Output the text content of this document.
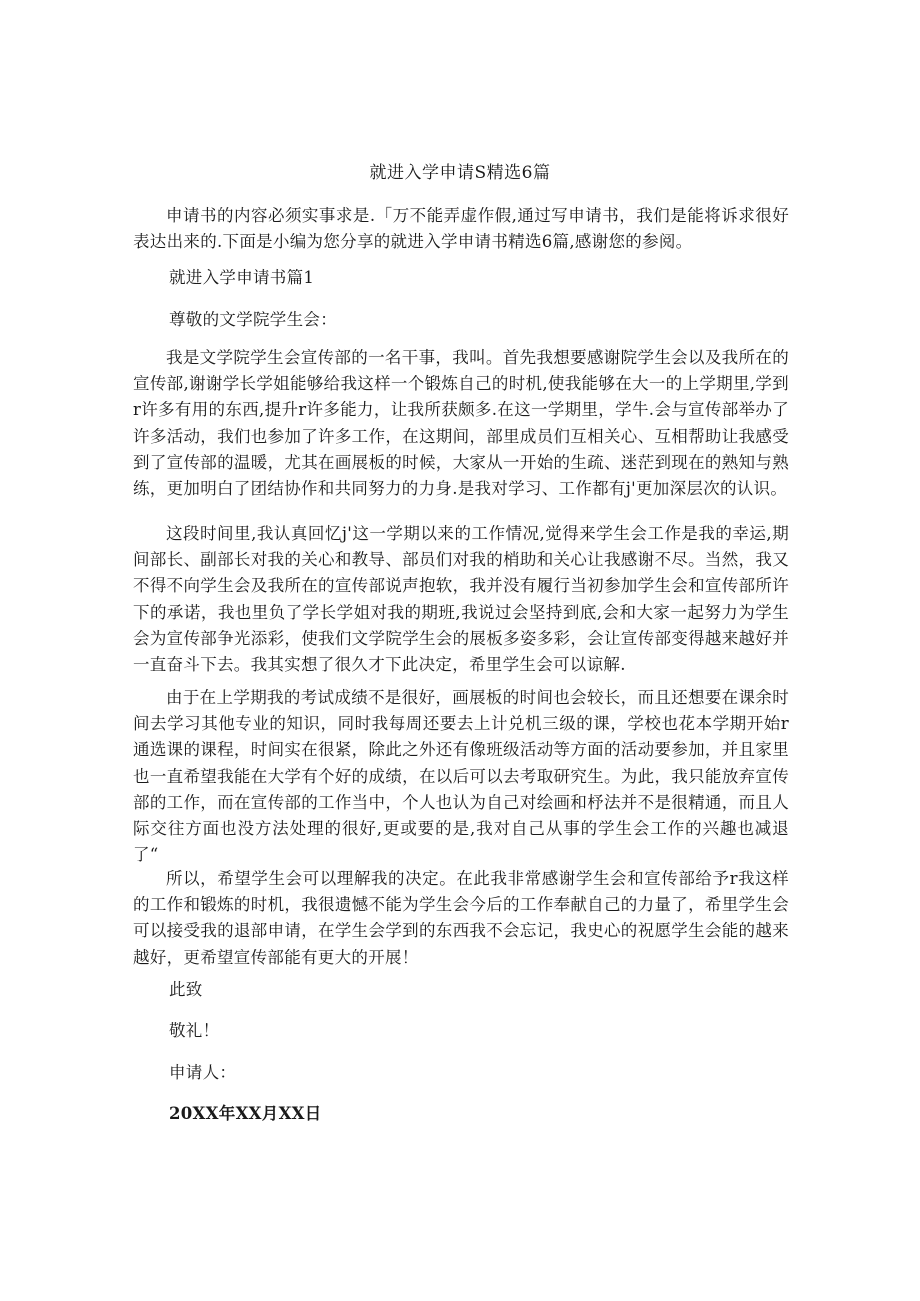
就进入学申请S精选6篇

申请书的内容必须实事求是.「万不能弄虚作假,通过写申请书，我们是能将诉求很好表达出来的.下面是小编为您分享的就进入学申请书精选6篇,感谢您的参阅。

就进入学申请书篇1
尊敬的文学院学生会：

我是文学院学生会宣传部的一名干事，我叫。首先我想要感谢院学生会以及我所在的宣传部,谢谢学长学姐能够给我这样一个锻炼自己的时机,使我能够在大一的上学期里,学到r许多有用的东西,提升r许多能力，让我所获颇多.在这一学期里，学牛.会与宣传部举办了许多活动，我们也参加了许多工作，在这期间，部里成员们互相关心、互相帮助让我感受到了宣传部的温暖，尤其在画展板的时候，大家从一开始的生疏、迷茫到现在的熟知与熟练，更加明白了团结协作和共同努力的力身.是我对学习、工作都有j'更加深层次的认识。

这段时间里,我认真回忆j'这一学期以来的工作情况,觉得来学生会工作是我的幸运,期间部长、副部长对我的关心和教导、部员们对我的梢助和关心让我感谢不尽。当然，我又不得不向学生会及我所在的宣传部说声抱软，我并没有履行当初参加学生会和宣传部所许下的承诺，我也里负了学长学姐对我的期班,我说过会坚持到底,会和大家一起努力为学生会为宣传部争光添彩，使我们文学院学生会的展板多姿多彩，会让宣传部变得越来越好并一直奋斗下去。我其实想了很久才下此决定，希里学生会可以谅解.

由于在上学期我的考试成绩不是很好，画展板的时间也会较长，而且还想要在课余时间去学习其他专业的知识，同时我每周还要去上计兑机三级的课，学校也花本学期开始r通选课的课程，时间实在很紧，除此之外还有像班级活动等方面的活动要参加，并且家里也一直希望我能在大学有个好的成绩，在以后可以去考取研究生。为此，我只能放弃宣传部的工作，而在宣传部的工作当中，个人也认为自己对绘画和杼法并不是很精通，而且人际交往方面也没方法处理的很好,更或要的是,我对自己从事的学生会工作的兴趣也减退了“

所以，希望学生会可以理解我的决定。在此我非常感谢学生会和宣传部给予r我这样的工作和锻炼的时机，我很遗憾不能为学生会今后的工作奉献自己的力量了，希里学生会可以接受我的退部申请，在学生会学到的东西我不会忘记，我史心的祝愿学生会能的越来越好，更希望宣传部能有更大的开展！

此致
敬礼！
申请人：
20XX年XX月XX日
